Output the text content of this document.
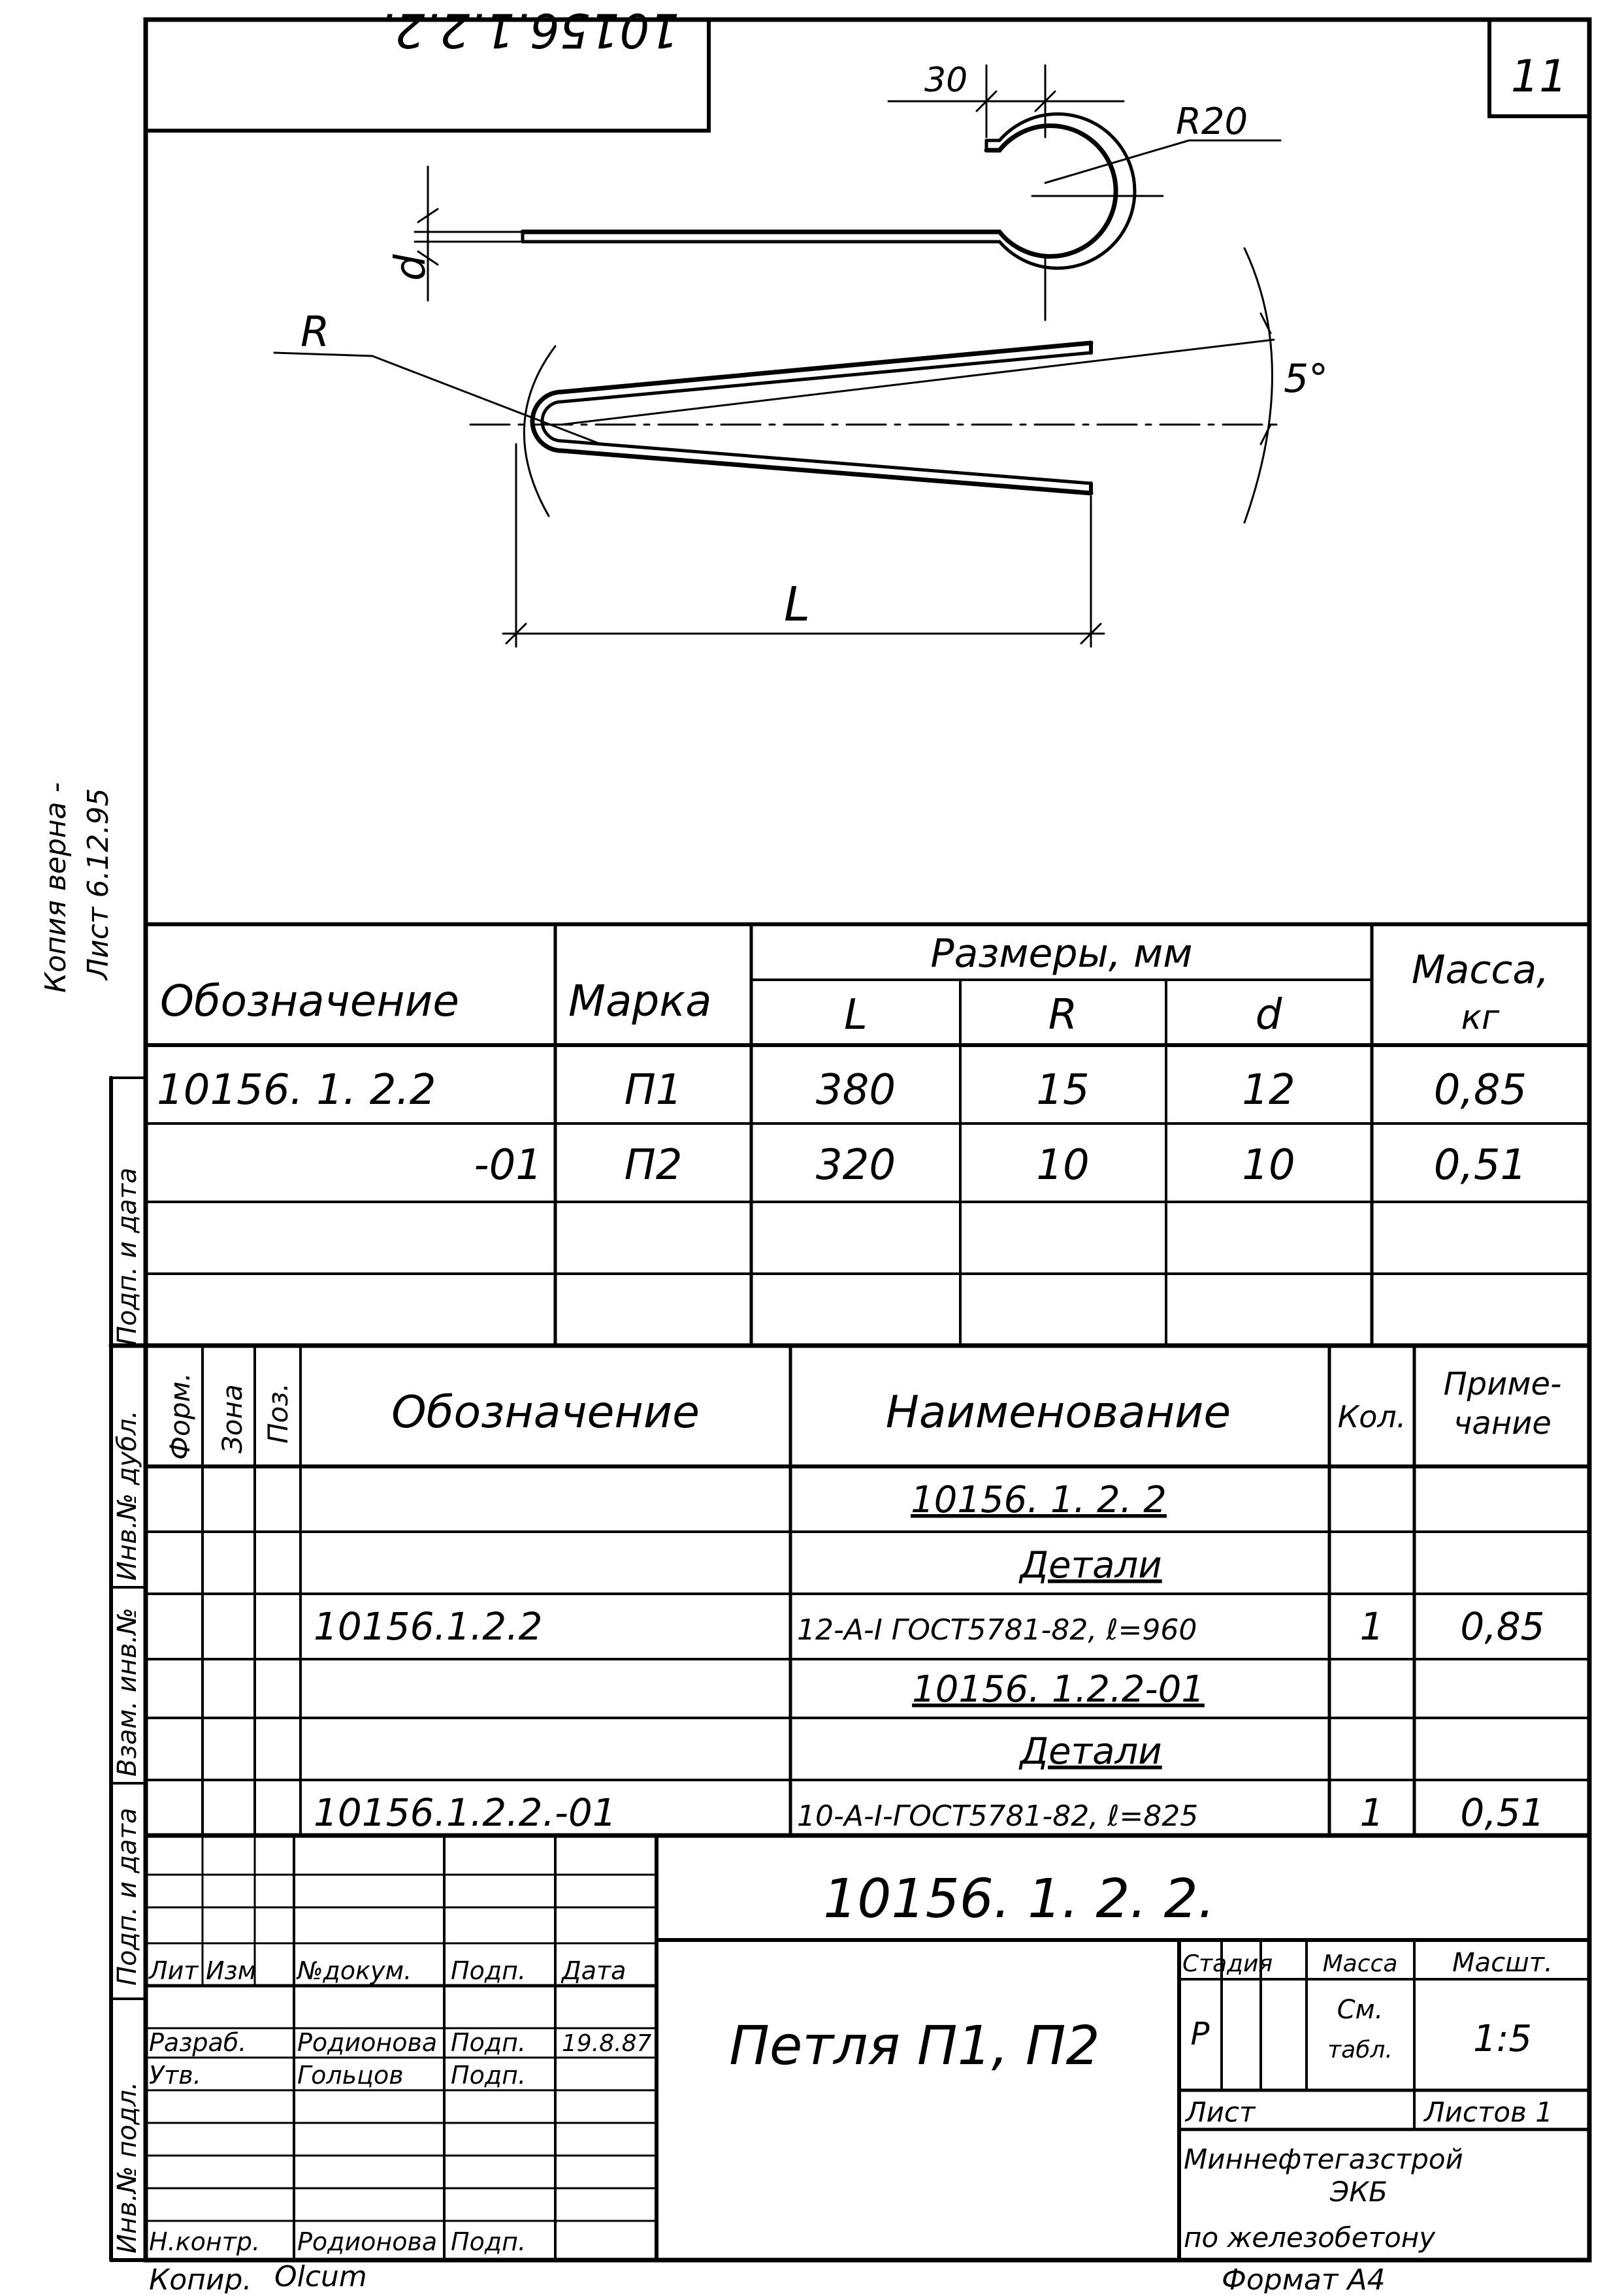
10156.1.2.2.
11
30
R20
d
R
5°
L
Копия верна - Лист 6.12.95
Инв.№ подл.
Подп. и дата
Взам. инв.№
Инв.№ дубл.
Подп. и дата
Обозначение	Марка
Размеры, мм
L	R	d
Масса,
кг
10156. 1. 2.2	П1	380	15	12	0,85
-01 П2	320	10	10	0,51
Форм. Зона Поз. Обозначение	Наименование	Кол.
Приме-
чание
10156. 1. 2. 2
Детали
10156.1.2.2	12-А-I ГОСТ5781-82, ℓ=960	1 0,85
10156. 1.2.2-01
Детали
10156.1.2.2.-01	10-А-I-ГОСТ5781-82, ℓ=825	1 0,51
10156. 1. 2. 2.
Петля П1, П2
Лит Изм №докум. Подп. Дата
Разраб. Родионова Подп. 19.8.87
Утв.	Гольцов Подп.
Н.контр. Родионова Подп.
Стадия
Р
Масса
См.
табл.
Масшт.
1:5
Лист	Листов 1
Миннефтегазстрой
ЭКБ
по железобетону
Копир. Olcum	Формат А4
